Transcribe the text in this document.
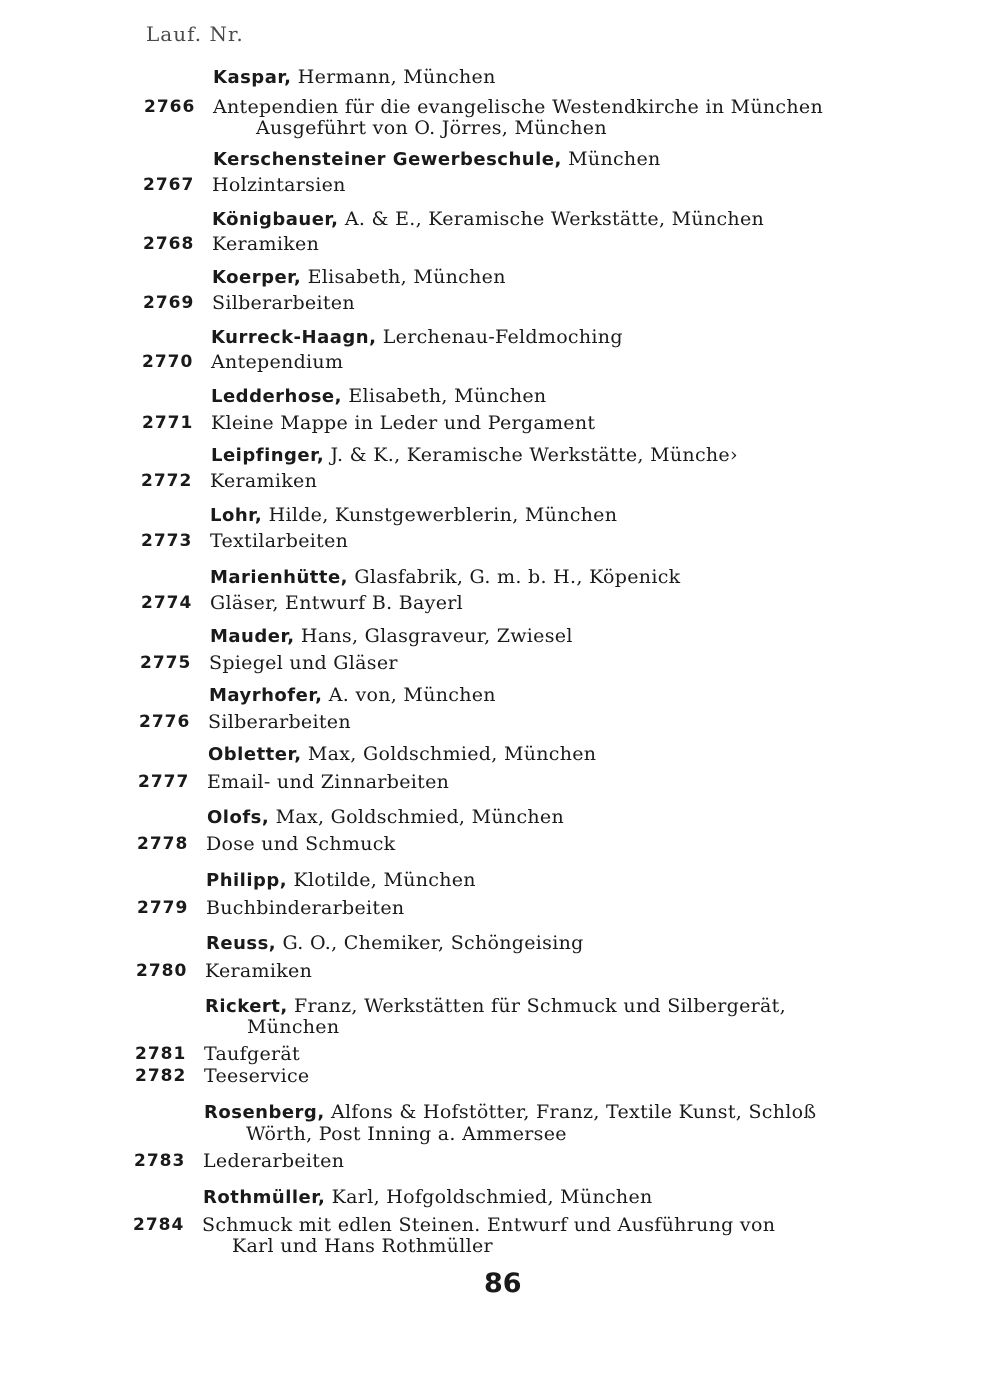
Lauf. Nr.
Kaspar, Hermann, München
2766 Antependien für die evangelische Westendkirche in München
Ausgeführt von O. Jörres, München
Kerschensteiner Gewerbeschule, München
2767 Holzintarsien
Königbauer, A. & E., Keramische Werkstätte, München
2768 Keramiken
Koerper, Elisabeth, München
2769 Silberarbeiten
Kurreck-Haagn, Lerchenau-Feldmoching
2770 Antependium
Ledderhose, Elisabeth, München
2771 Kleine Mappe in Leder und Pergament
Leipfinger, J. & K., Keramische Werkstätte, Münche›
2772 Keramiken
Lohr, Hilde, Kunstgewerblerin, München
2773 Textilarbeiten
Marienhütte, Glasfabrik, G. m. b. H., Köpenick
2774 Gläser, Entwurf B. Bayerl
Mauder, Hans, Glasgraveur, Zwiesel
2775 Spiegel und Gläser
Mayrhofer, A. von, München
2776 Silberarbeiten
Obletter, Max, Goldschmied, München
2777 Email- und Zinnarbeiten
Olofs, Max, Goldschmied, München
2778 Dose und Schmuck
Philipp, Klotilde, München
2779 Buchbinderarbeiten
Reuss, G. O., Chemiker, Schöngeising
2780 Keramiken
Rickert, Franz, Werkstätten für Schmuck und Silbergerät,
München
2781 Taufgerät
2782 Teeservice
Rosenberg, Alfons & Hofstötter, Franz, Textile Kunst, Schloß
Wörth, Post Inning a. Ammersee
2783 Lederarbeiten
Rothmüller, Karl, Hofgoldschmied, München
2784 Schmuck mit edlen Steinen. Entwurf und Ausführung von
Karl und Hans Rothmüller
86
